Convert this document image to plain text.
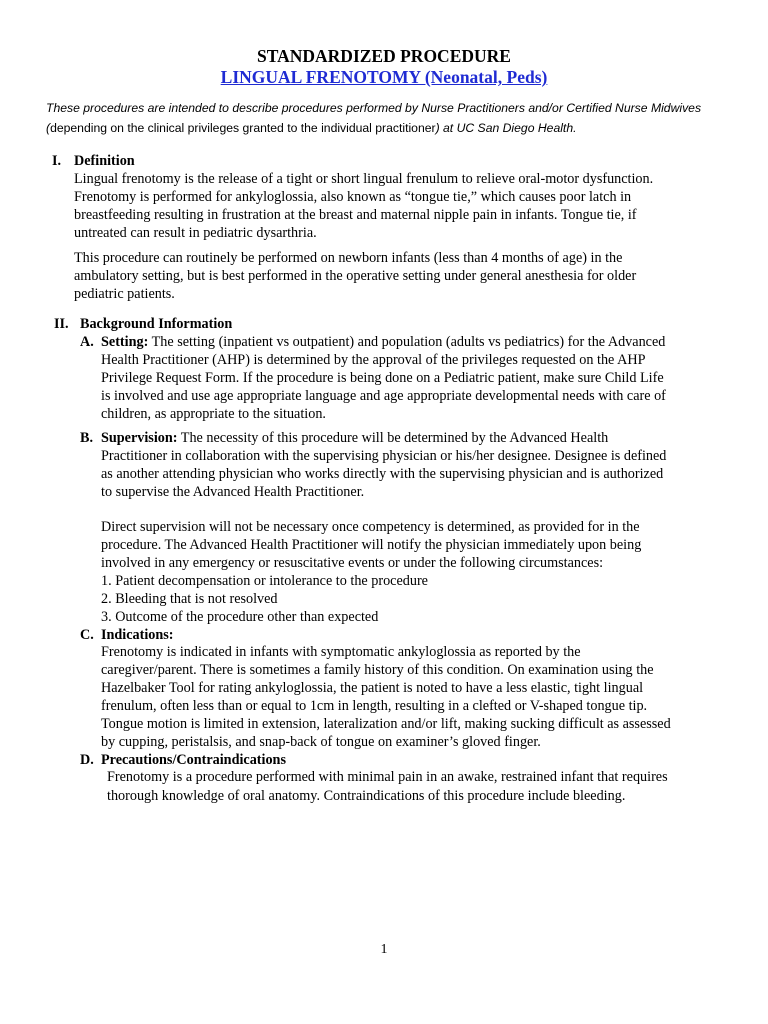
STANDARDIZED PROCEDURE
LINGUAL FRENOTOMY (Neonatal, Peds)
These procedures are intended to describe procedures performed by Nurse Practitioners and/or Certified Nurse Midwives (depending on the clinical privileges granted to the individual practitioner) at UC San Diego Health.
I. Definition
Lingual frenotomy is the release of a tight or short lingual frenulum to relieve oral-motor dysfunction.
Frenotomy is performed for ankyloglossia, also known as “tongue tie,” which causes poor latch in
breastfeeding resulting in frustration at the breast and maternal nipple pain in infants. Tongue tie, if
untreated can result in pediatric dysarthria.
This procedure can routinely be performed on newborn infants (less than 4 months of age) in the
ambulatory setting, but is best performed in the operative setting under general anesthesia for older
pediatric patients.
II. Background Information
A. Setting: The setting (inpatient vs outpatient) and population (adults vs pediatrics) for the Advanced
Health Practitioner (AHP) is determined by the approval of the privileges requested on the AHP
Privilege Request Form. If the procedure is being done on a Pediatric patient, make sure Child Life
is involved and use age appropriate language and age appropriate developmental needs with care of
children, as appropriate to the situation.
B. Supervision: The necessity of this procedure will be determined by the Advanced Health
Practitioner in collaboration with the supervising physician or his/her designee. Designee is defined
as another attending physician who works directly with the supervising physician and is authorized
to supervise the Advanced Health Practitioner.
Direct supervision will not be necessary once competency is determined, as provided for in the
procedure. The Advanced Health Practitioner will notify the physician immediately upon being
involved in any emergency or resuscitative events or under the following circumstances:
1. Patient decompensation or intolerance to the procedure
2. Bleeding that is not resolved
3. Outcome of the procedure other than expected
C. Indications:
Frenotomy is indicated in infants with symptomatic ankyloglossia as reported by the
caregiver/parent. There is sometimes a family history of this condition. On examination using the
Hazelbaker Tool for rating ankyloglossia, the patient is noted to have a less elastic, tight lingual
frenulum, often less than or equal to 1cm in length, resulting in a clefted or V-shaped tongue tip.
Tongue motion is limited in extension, lateralization and/or lift, making sucking difficult as assessed
by cupping, peristalsis, and snap-back of tongue on examiner’s gloved finger.
D. Precautions/Contraindications
Frenotomy is a procedure performed with minimal pain in an awake, restrained infant that requires
thorough knowledge of oral anatomy. Contraindications of this procedure include bleeding.
1
